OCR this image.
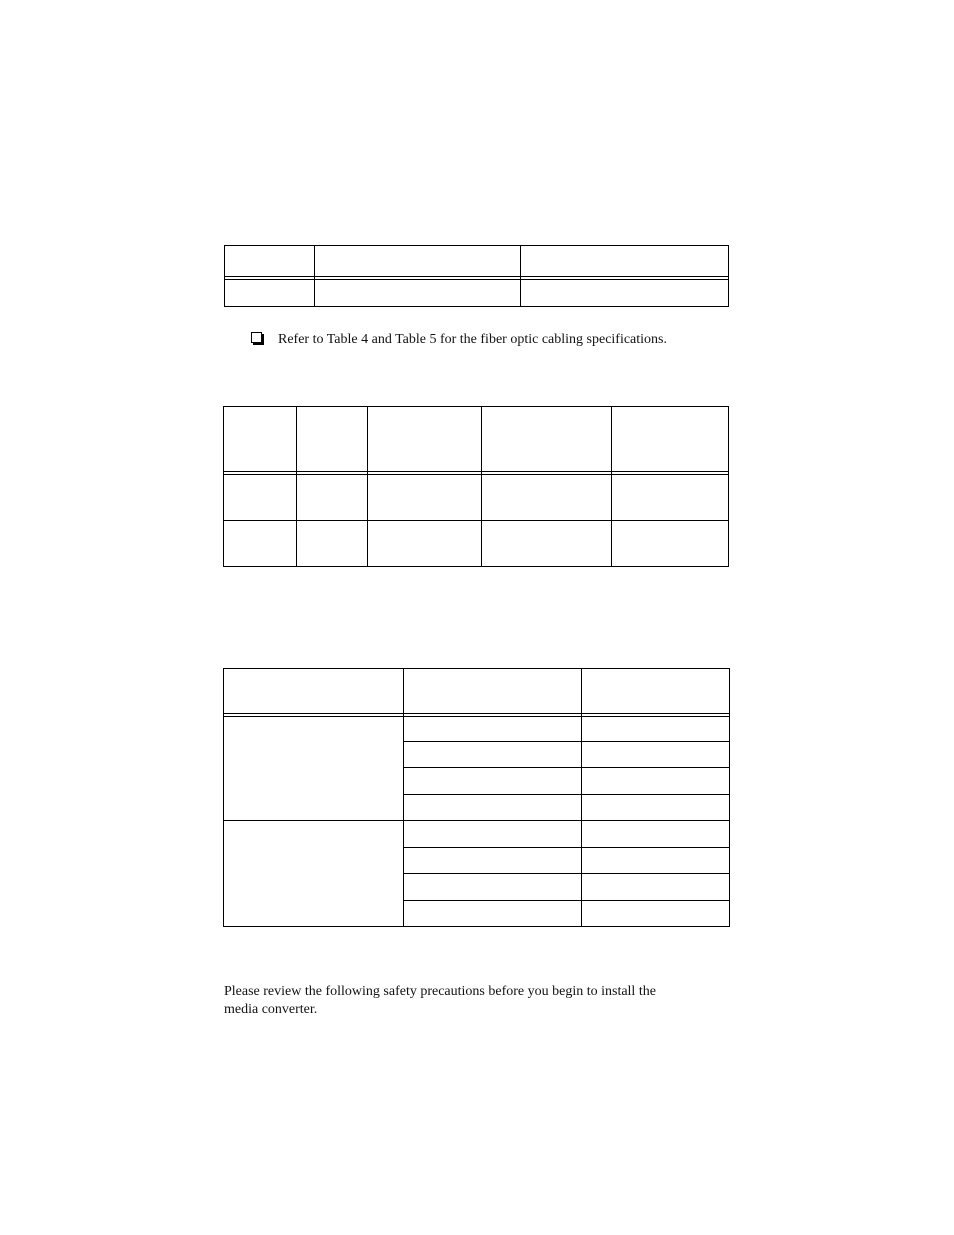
Refer to Table 4 and Table 5 for the fiber optic cabling specifications.
Please review the following safety precautions before you begin to install the
media converter.
